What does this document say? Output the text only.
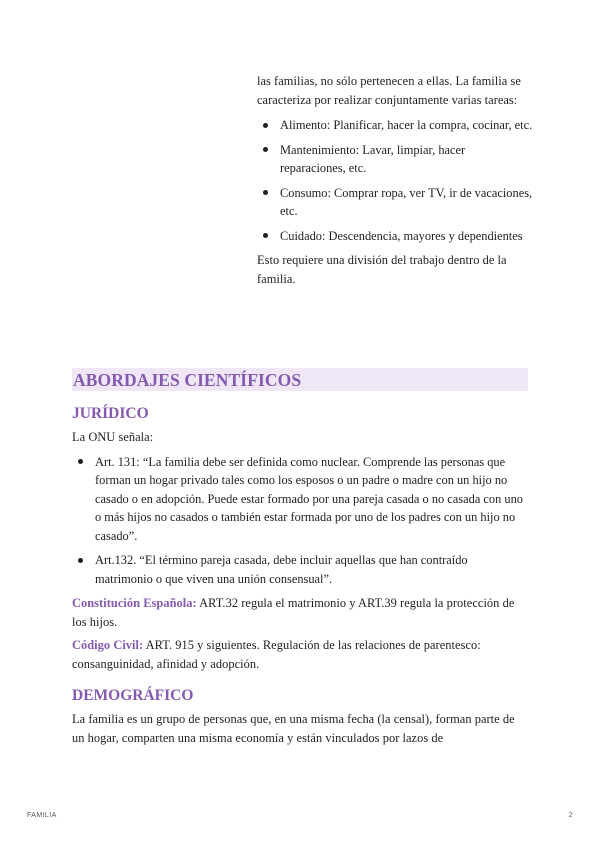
las familias, no sólo pertenecen a ellas. La familia se caracteriza por realizar conjuntamente varias tareas:

Alimento: Planificar, hacer la compra, cocinar, etc.
Mantenimiento: Lavar, limpiar, hacer reparaciones, etc.
Consumo: Comprar ropa, ver TV, ir de vacaciones, etc.
Cuidado: Descendencia, mayores y dependientes

Esto requiere una división del trabajo dentro de la familia.

ABORDAJES CIENTÍFICOS
JURÍDICO

La ONU señala:

Art. 131: “La familia debe ser definida como nuclear. Comprende las personas que forman un hogar privado tales como los esposos o un padre o madre con un hijo no casado o en adopción. Puede estar formado por una pareja casada o no casada con uno o más hijos no casados o también estar formada por uno de los padres con un hijo no casado”.
Art.132. “El término pareja casada, debe incluir aquellas que han contraído matrimonio o que viven una unión consensual”.

Constitución Española: ART.32 regula el matrimonio y ART.39 regula la protección de los hijos.

Código Civil: ART. 915 y siguientes. Regulación de las relaciones de parentesco: consanguinidad, afinidad y adopción.

DEMOGRÁFICO

La familia es un grupo de personas que, en una misma fecha (la censal), forman parte de un hogar, comparten una misma economía y están vinculados por lazos de

FAMILIA	2
